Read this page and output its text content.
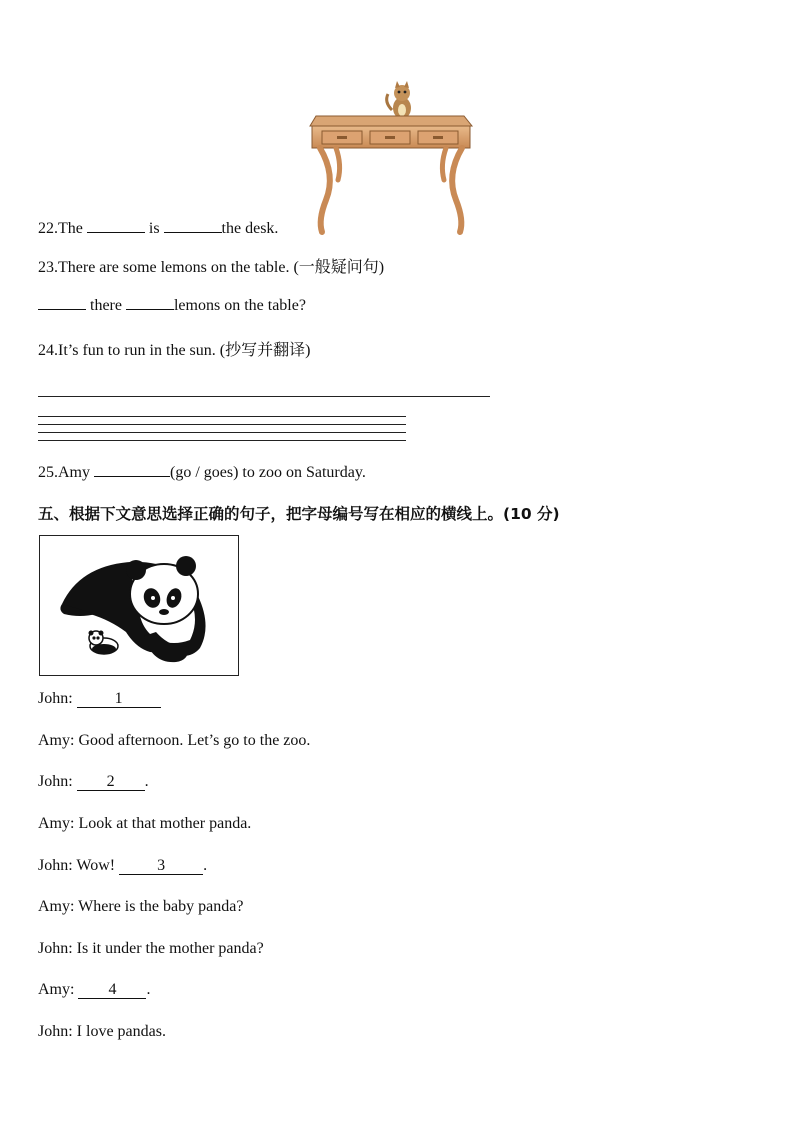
22.The	is	the desk.
23.There are some lemons on the table. (一般疑问句)
there	lemons on the table?
24.It’s fun to run in the sun. (抄写并翻译)
25.Amy	(go / goes) to zoo on Saturday.
五、根据下文意思选择正确的句子，把字母编号写在相应的横线上。(10 分)
John:	1
Amy: Good afternoon. Let’s go to the zoo.
John: 2 .
Amy: Look at that mother panda.
John: Wow!	3 .
Amy: Where is the baby panda?
John: Is it under the mother panda?
Amy: 4 .
John: I love pandas.
